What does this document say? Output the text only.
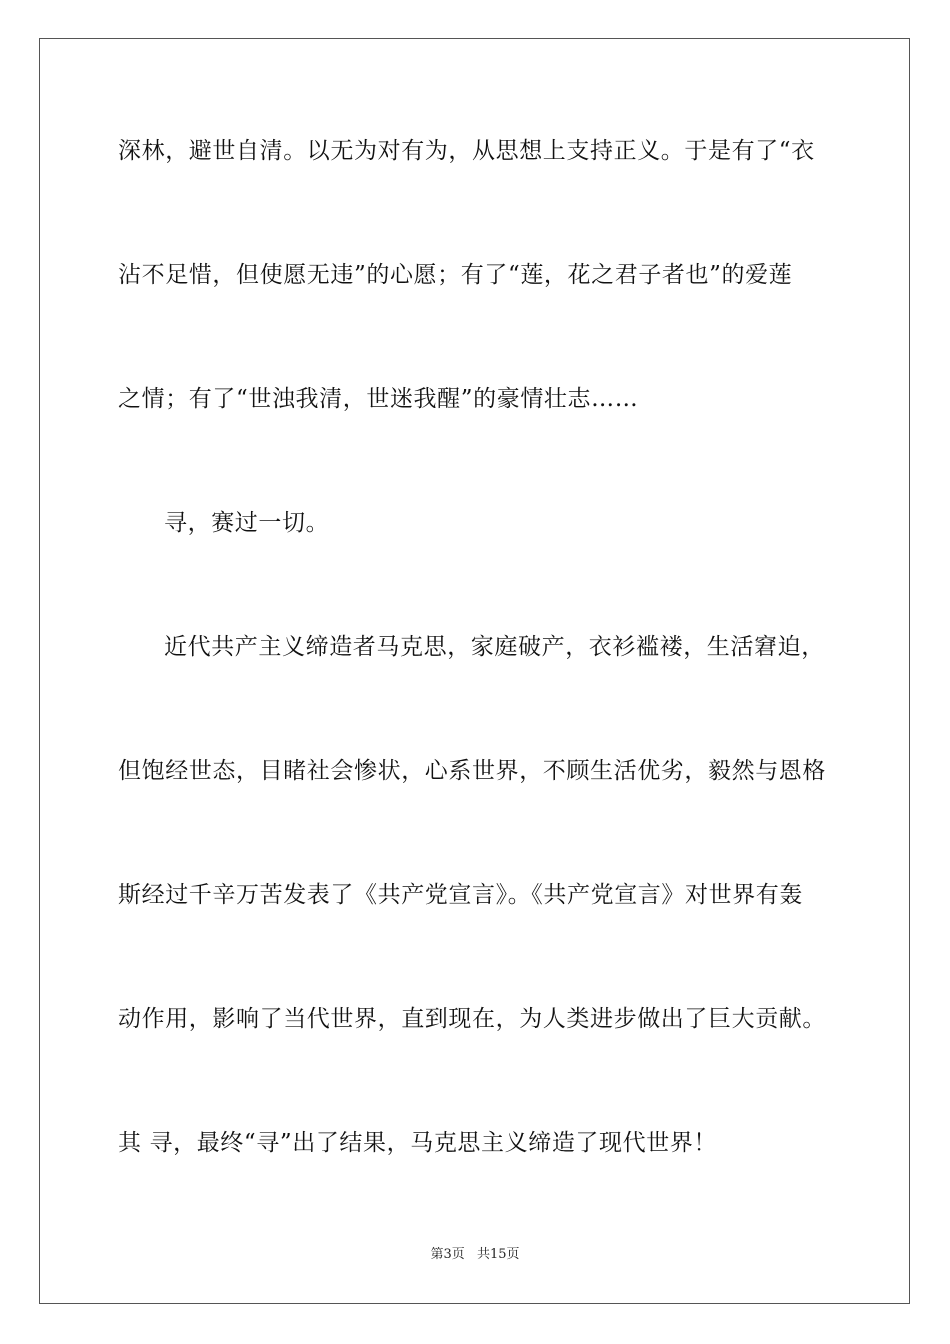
深林，避世自清。以无为对有为，从思想上支持正义。于是有了“衣
沾不足惜，但使愿无违”的心愿；有了“莲，花之君子者也”的爱莲
之情；有了“世浊我清，世迷我醒”的豪情壮志……
寻，赛过一切。
近代共产主义缔造者马克思，家庭破产，衣衫褴褛，生活窘迫，
但饱经世态，目睹社会惨状，心系世界，不顾生活优劣，毅然与恩格
斯经过千辛万苦发表了《共产党宣言》。《共产党宣言》对世界有轰
动作用，影响了当代世界，直到现在，为人类进步做出了巨大贡献。
其 寻，最终“寻”出了结果，马克思主义缔造了现代世界！
第3页 共15页
